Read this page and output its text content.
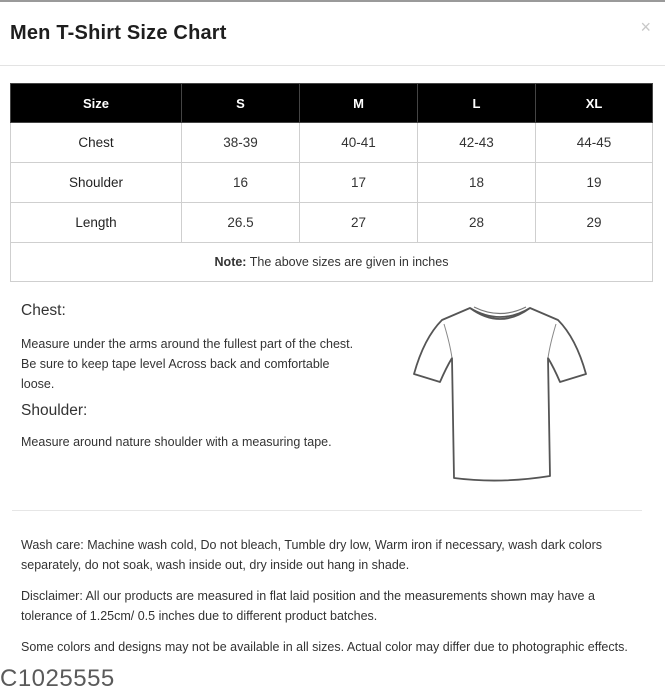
Men T-Shirt Size Chart	×
Size	S	M	L	XL
Chest	38-39	40-41	42-43	44-45
Shoulder	16	17	18	19
Length	26.5	27	28	29
Note: The above sizes are given in inches				
Chest:

Measure under the arms around the fullest part of the chest. Be sure to keep tape level Across back and comfortable loose.

Shoulder:

Measure around nature shoulder with a measuring tape.

Wash care: Machine wash cold, Do not bleach, Tumble dry low, Warm iron if necessary, wash dark colors separately, do not soak, wash inside out, dry inside out hang in shade.

Disclaimer: All our products are measured in flat laid position and the measurements shown may have a tolerance of 1.25cm/ 0.5 inches due to different product batches.

Some colors and designs may not be available in all sizes. Actual color may differ due to photographic effects.

C1025555
